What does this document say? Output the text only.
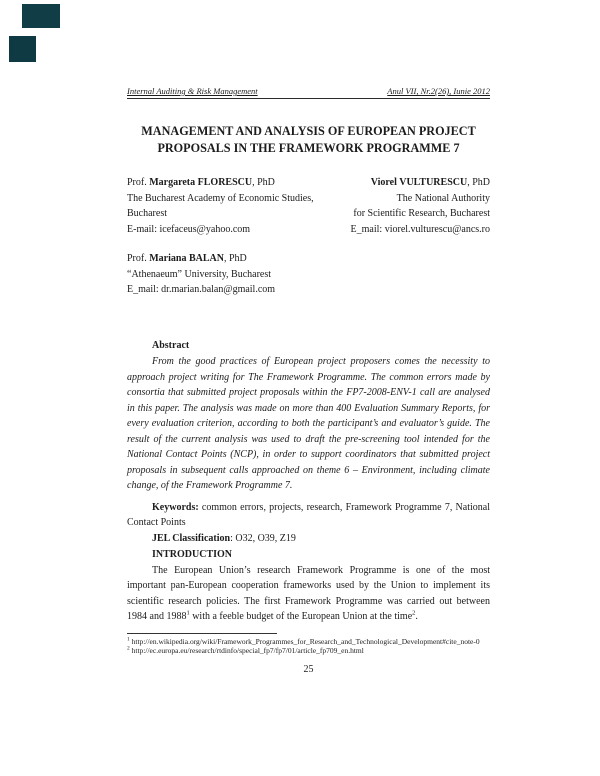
Internal Auditing & Risk Management	Anul VII, Nr.2(26), Iunie 2012

MANAGEMENT AND ANALYSIS OF EUROPEAN PROJECT PROPOSALS IN THE FRAMEWORK PROGRAMME 7

Prof. Margareta FLORESCU, PhD
The Bucharest Academy of Economic Studies,
Bucharest
E-mail: icefaceus@yahoo.com
Viorel VULTURESCU, PhD
The National Authority
for Scientific Research, Bucharest
E_mail: viorel.vulturescu@ancs.ro
Prof. Mariana BALAN, PhD
“Athenaeum” University, Bucharest
E_mail: dr.marian.balan@gmail.com

Abstract

From the good practices of European project proposers comes the necessity to approach project writing for The Framework Programme. The common errors made by consortia that submitted project proposals within the FP7-2008-ENV-1 call are analysed in this paper. The analysis was made on more than 400 Evaluation Summary Reports, for every evaluation criterion, according to both the participant’s and evaluator’s guide. The result of the current analysis was used to draft the pre-screening tool intended for the National Contact Points (NCP), in order to support coordinators that submitted project proposals in subsequent calls approached on theme 6 – Environment, including climate change, of the Framework Programme 7.

Keywords: common errors, projects, research, Framework Programme 7, National Contact Points

JEL Classification: O32, O39, Z19

INTRODUCTION

The European Union’s research Framework Programme is one of the most important pan-European cooperation frameworks used by the Union to implement its scientific research policies. The first Framework Programme was carried out between 1984 and 1988$^1$ with a feeble budget of the European Union at the time$^2$.

$^1$ http://en.wikipedia.org/wiki/Framework_Programmes_for_Research_and_Technological_Development#cite_note-0

$^2$ http://ec.europa.eu/research/rtdinfo/special_fp7/fp7/01/article_fp709_en.html

25
